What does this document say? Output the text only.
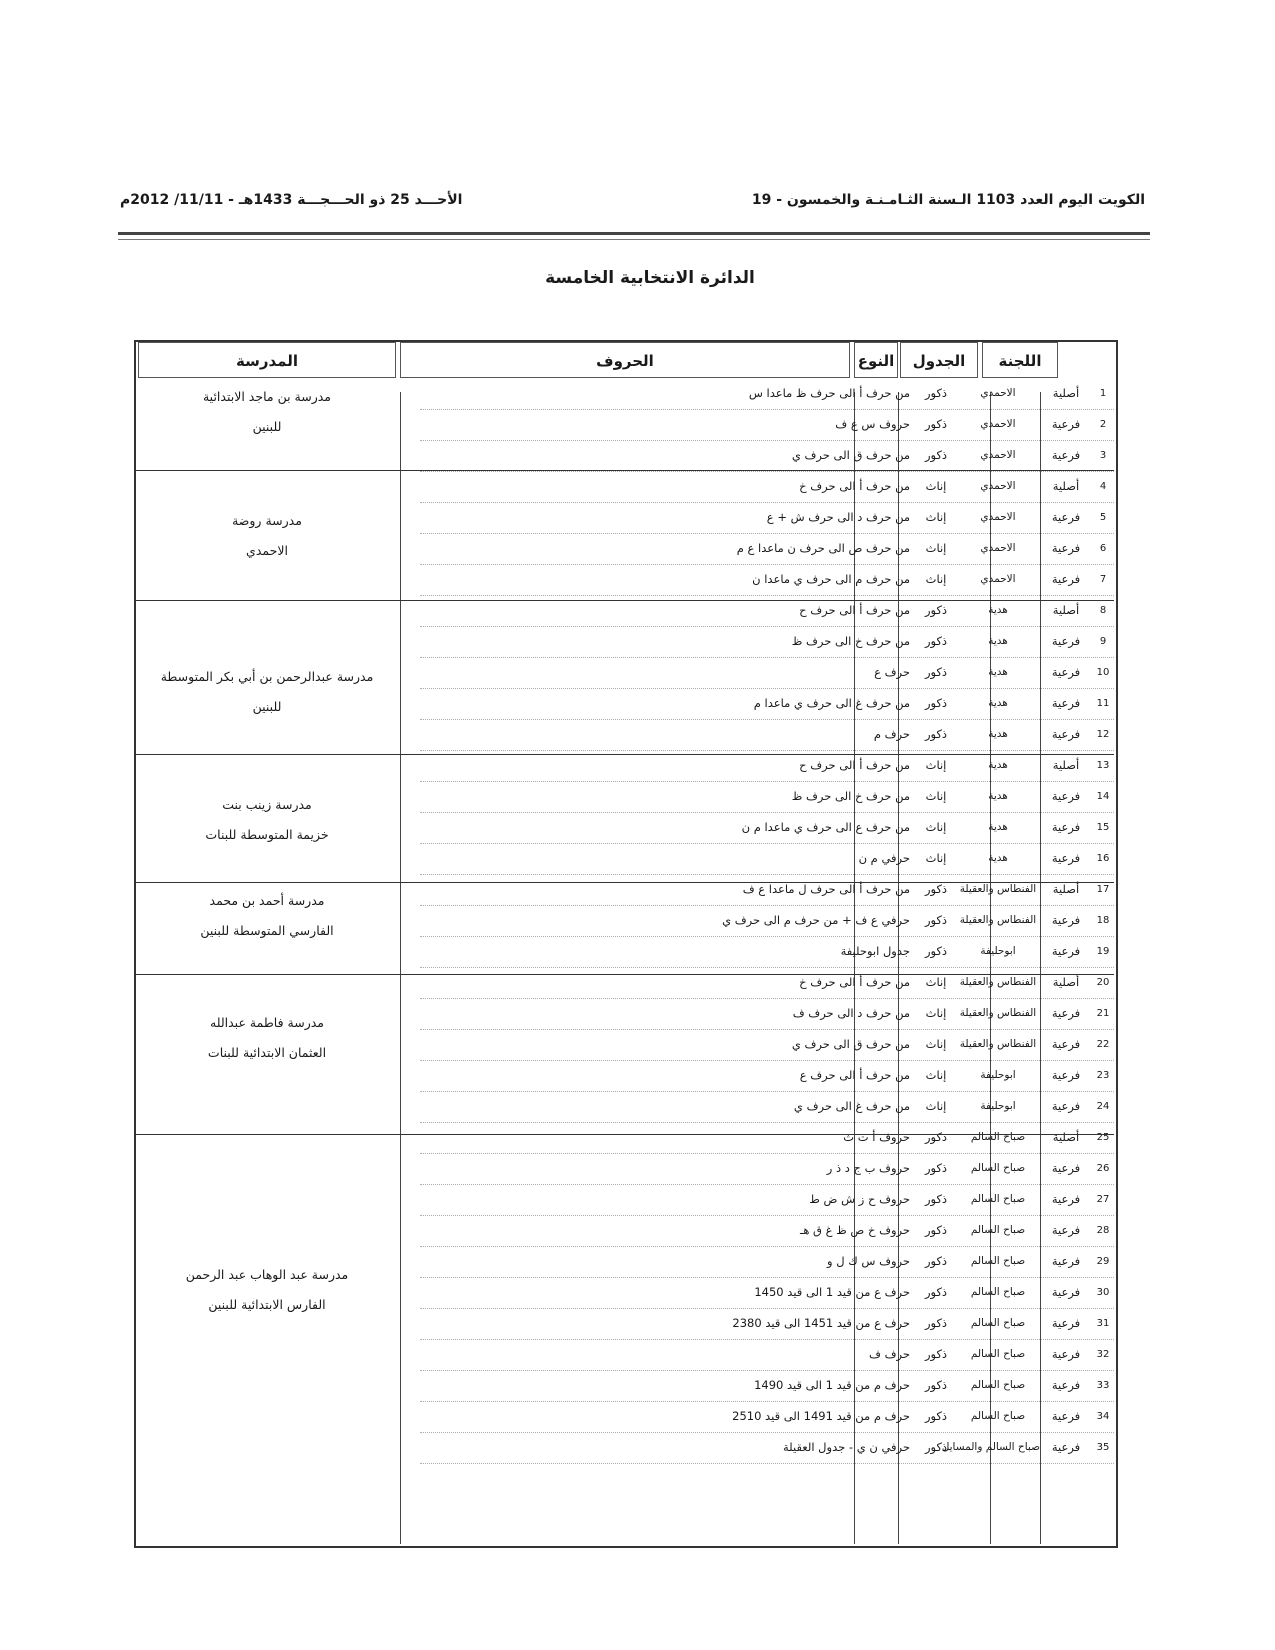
الأحـــد 25 ذو الحـــجـــة 1433هـ - 11/11/ 2012م	الكويت اليوم العدد 1103 الـسنة الثـامـنـة والخمسون - 19
الدائرة الانتخابية الخامسة
اللجنة
الجدول
النوع
الحروف
المدرسة
1
أصلية
الاحمدي
ذكور
من حرف أ الى حرف ظ ماعدا س
2
فرعية
الاحمدي
ذكور
حروف س ع ف
3
فرعية
الاحمدي
ذكور
من حرف ق الى حرف ي
4
أصلية
الاحمدي
إناث
من حرف أ الى حرف خ
5
فرعية
الاحمدي
إناث
من حرف د الى حرف ش + ع
6
فرعية
الاحمدي
إناث
من حرف ص الى حرف ن ماعدا ع م
7
فرعية
الاحمدي
إناث
من حرف م الى حرف ي ماعدا ن
8
أصلية
هدية
ذكور
من حرف أ الى حرف ح
9
فرعية
هدية
ذكور
من حرف خ الى حرف ظ
10
فرعية
هدية
ذكور
حرف ع
11
فرعية
هدية
ذكور
من حرف غ الى حرف ي ماعدا م
12
فرعية
هدية
ذكور
حرف م
13
أصلية
هدية
إناث
من حرف أ الى حرف ح
14
فرعية
هدية
إناث
من حرف خ الى حرف ظ
15
فرعية
هدية
إناث
من حرف ع الى حرف ي ماعدا م ن
16
فرعية
هدية
إناث
حرفي م ن
17
أصلية
الفنطاس والعقيلة
ذكور
من حرف أ الى حرف ل ماعدا ع ف
18
فرعية
الفنطاس والعقيلة
ذكور
حرفي ع ف + من حرف م الى حرف ي
19
فرعية
ابوحليفة
ذكور
جدول ابوحليفة
20
أصلية
الفنطاس والعقيلة
إناث
من حرف أ الى حرف خ
21
فرعية
الفنطاس والعقيلة
إناث
من حرف د الى حرف ف
22
فرعية
الفنطاس والعقيلة
إناث
من حرف ق الى حرف ي
23
فرعية
ابوحليفة
إناث
من حرف أ الى حرف ع
24
فرعية
ابوحليفة
إناث
من حرف غ الى حرف ي
25
أصلية
صباح السالم
ذكور
حروف أ ت ث
26
فرعية
صباح السالم
ذكور
حروف ب ج د ذ ر
27
فرعية
صباح السالم
ذكور
حروف ح ز ش ض ط
28
فرعية
صباح السالم
ذكور
حروف خ ص ظ غ ق هـ
29
فرعية
صباح السالم
ذكور
حروف س ك ل و
30
فرعية
صباح السالم
ذكور
حرف ع من قيد 1 الى قيد 1450
31
فرعية
صباح السالم
ذكور
حرف ع من قيد 1451 الى قيد 2380
32
فرعية
صباح السالم
ذكور
حرف ف
33
فرعية
صباح السالم
ذكور
حرف م من قيد 1 الى قيد 1490
34
فرعية
صباح السالم
ذكور
حرف م من قيد 1491 الى قيد 2510
35
فرعية
صباح السالم والمسايل
ذكور
حرفي ن ي - جدول العقيلة
مدرسة بن ماجد الابتدائية
للبنين
مدرسة روضة
الاحمدي
مدرسة عبدالرحمن بن أبي بكر المتوسطة
للبنين
مدرسة زينب بنت
خزيمة المتوسطة للبنات
مدرسة أحمد بن محمد
الفارسي المتوسطة للبنين
مدرسة فاطمة عبدالله
العثمان الابتدائية للبنات
مدرسة عبد الوهاب عبد الرحمن
الفارس الابتدائية للبنين
